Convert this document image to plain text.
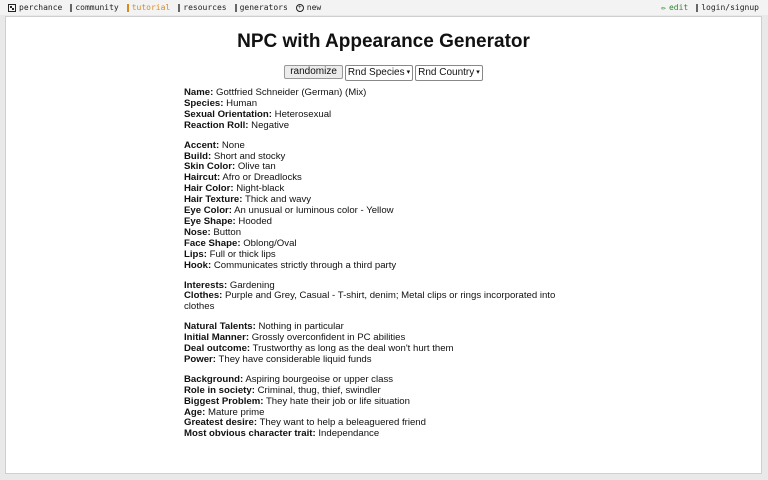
perchance community tutorial resources generators	+ new	✏ edit login/signup
NPC with Appearance Generator
randomize	Rnd Species ▾ Rnd Country ▾
Name: Gottfried Schneider (German) (Mix)
Species: Human
Sexual Orientation: Heterosexual
Reaction Roll: Negative
Accent: None
Build: Short and stocky
Skin Color: Olive tan
Haircut: Afro or Dreadlocks
Hair Color: Night-black
Hair Texture: Thick and wavy
Eye Color: An unusual or luminous color - Yellow
Eye Shape: Hooded
Nose: Button
Face Shape: Oblong/Oval
Lips: Full or thick lips
Hook: Communicates strictly through a third party
Interests: Gardening
Clothes: Purple and Grey, Casual - T-shirt, denim; Metal clips or rings incorporated into clothes
Natural Talents: Nothing in particular
Initial Manner: Grossly overconfident in PC abilities
Deal outcome: Trustworthy as long as the deal won't hurt them
Power: They have considerable liquid funds
Background: Aspiring bourgeoise or upper class
Role in society: Criminal, thug, thief, swindler
Biggest Problem: They hate their job or life situation
Age: Mature prime
Greatest desire: They want to help a beleaguered friend
Most obvious character trait: Independance
